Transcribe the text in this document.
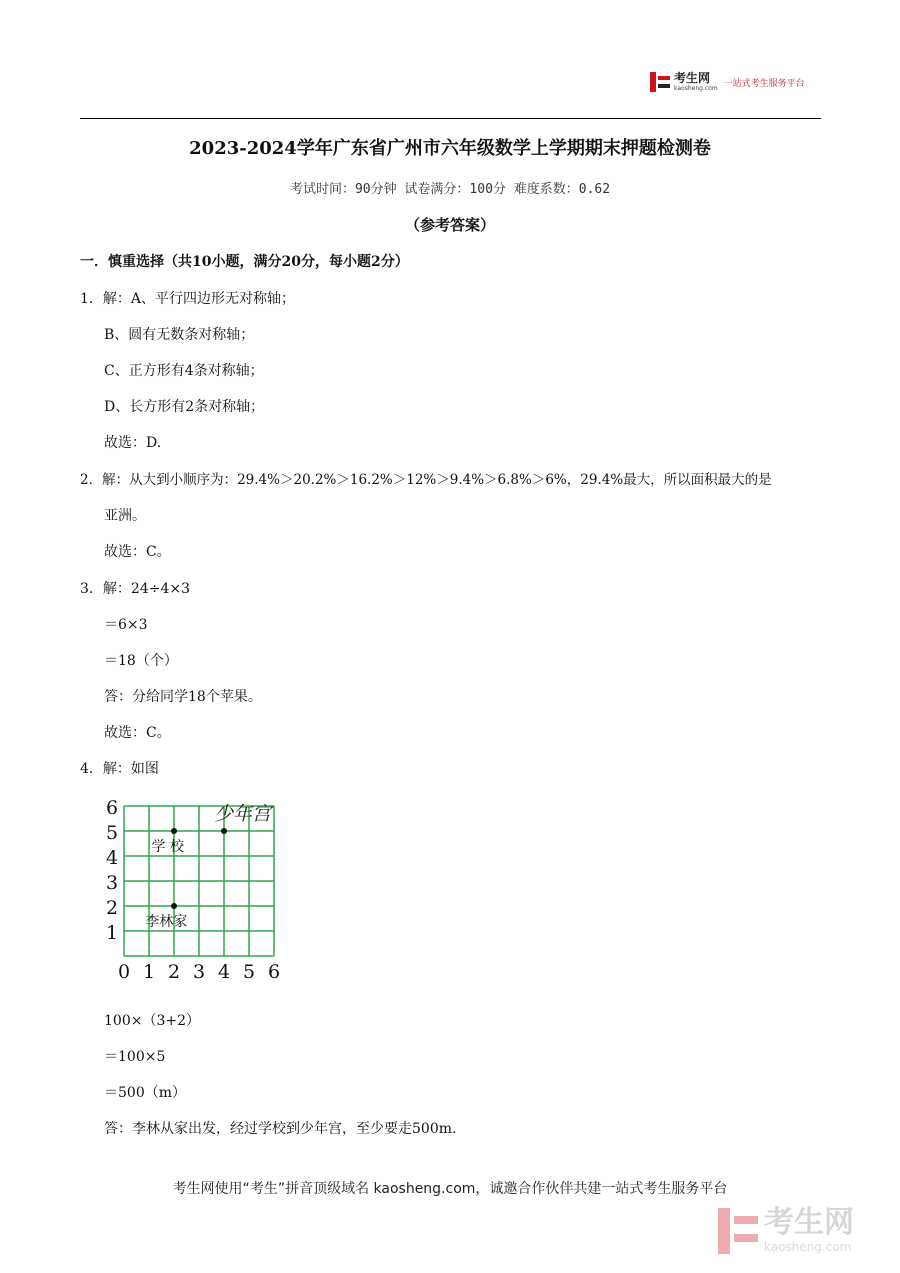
考生网
kaosheng.com 一站式考生服务平台
2023-2024学年广东省广州市六年级数学上学期期末押题检测卷
考试时间：90分钟 试卷满分：100分 难度系数：0.62
（参考答案）
一．慎重选择（共10小题，满分20分，每小题2分）
1．解：A、平行四边形无对称轴；
B、圆有无数条对称轴；
C、正方形有4条对称轴；
D、长方形有2条对称轴；
故选：D.
2．解：从大到小顺序为：29.4%＞20.2%＞16.2%＞12%＞9.4%＞6.8%＞6%，29.4%最大，所以面积最大的是
亚洲。
故选：C。
3．解：24÷4×3
＝6×3
＝18（个）
答：分给同学18个苹果。
故选：C。
4．解：如图
0 1 2 3 4 5 6
1
2
3
4
5
6	少年宫
学 校
李林家
100×（3+2）
＝100×5
＝500（m）
答：李林从家出发，经过学校到少年宫，至少要走500m.
考生网使用“考生”拼音顶级域名 kaosheng.com，诚邀合作伙伴共建一站式考生服务平台
考生网
kaosheng.com
